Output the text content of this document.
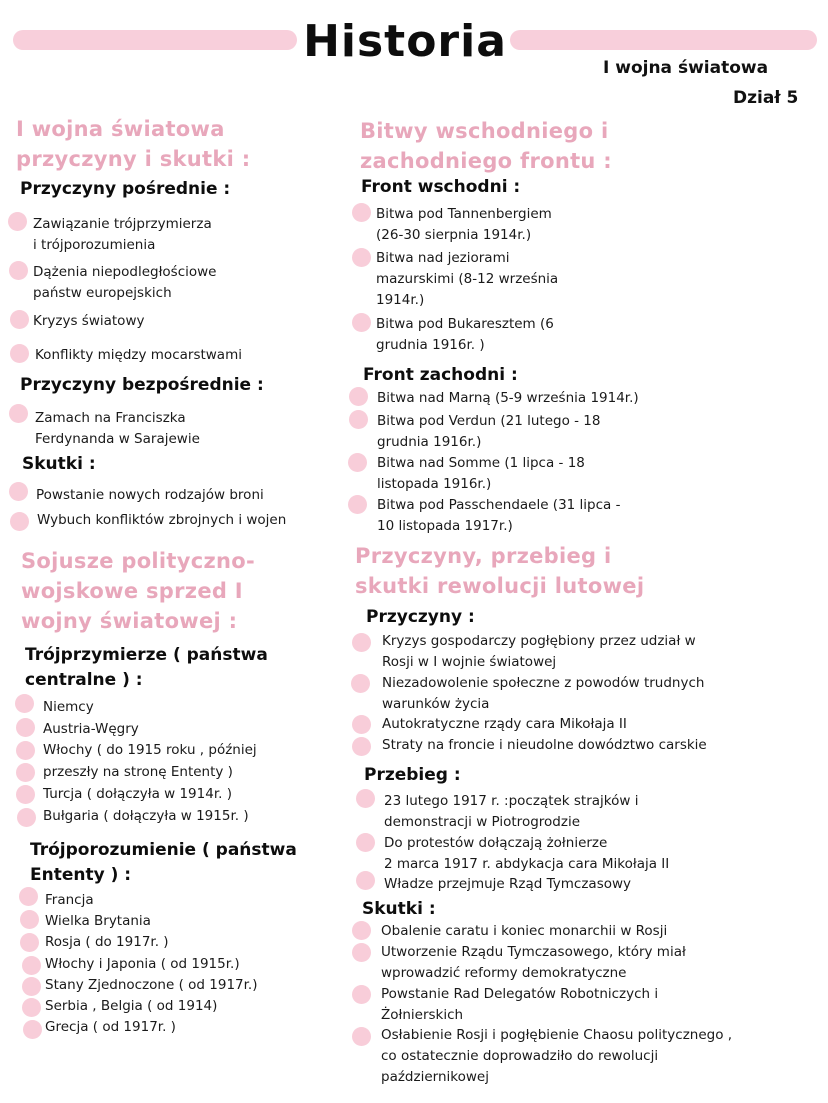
Historia
I wojna światowa
Dział 5
I wojna światowa
przyczyny i skutki :
Przyczyny pośrednie :
Zawiązanie trójprzymierza
i trójporozumienia
Dążenia niepodległościowe
państw europejskich
Kryzys światowy
Konflikty między mocarstwami
Przyczyny bezpośrednie :
Zamach na Franciszka
Ferdynanda w Sarajewie
Skutki :
Powstanie nowych rodzajów broni
Wybuch konfliktów zbrojnych i wojen
Sojusze polityczno-
wojskowe sprzed I
wojny światowej :
Trójprzymierze ( państwa
centralne ) :
Niemcy
Austria-Węgry
Włochy ( do 1915 roku , później
przeszły na stronę Ententy )
Turcja ( dołączyła w 1914r. )
Bułgaria ( dołączyła w 1915r. )
Trójporozumienie ( państwa
Ententy ) :
Francja
Wielka Brytania
Rosja ( do 1917r. )
Włochy i Japonia ( od 1915r.)
Stany Zjednoczone ( od 1917r.)
Serbia , Belgia ( od 1914)
Grecja ( od 1917r. )
Bitwy wschodniego i
zachodniego frontu :
Front wschodni :
Bitwa pod Tannenbergiem
(26-30 sierpnia 1914r.)
Bitwa nad jeziorami
mazurskimi (8-12 września
1914r.)
Bitwa pod Bukaresztem (6
grudnia 1916r. )
Front zachodni :
Bitwa nad Marną (5-9 września 1914r.)
Bitwa pod Verdun (21 lutego - 18
grudnia 1916r.)
Bitwa nad Somme (1 lipca - 18
listopada 1916r.)
Bitwa pod Passchendaele (31 lipca -
10 listopada 1917r.)
Przyczyny, przebieg i
skutki rewolucji lutowej
Przyczyny :
Kryzys gospodarczy pogłębiony przez udział w
Rosji w I wojnie światowej
Niezadowolenie społeczne z powodów trudnych
warunków życia
Autokratyczne rządy cara Mikołaja II
Straty na froncie i nieudolne dowództwo carskie
Przebieg :
23 lutego 1917 r. :początek strajków i
demonstracji w Piotrogrodzie
Do protestów dołączają żołnierze
2 marca 1917 r. abdykacja cara Mikołaja II
Władze przejmuje Rząd Tymczasowy
Skutki :
Obalenie caratu i koniec monarchii w Rosji
Utworzenie Rządu Tymczasowego, który miał
wprowadzić reformy demokratyczne
Powstanie Rad Delegatów Robotniczych i
Żołnierskich
Osłabienie Rosji i pogłębienie Chaosu politycznego ,
co ostatecznie doprowadziło do rewolucji
październikowej
